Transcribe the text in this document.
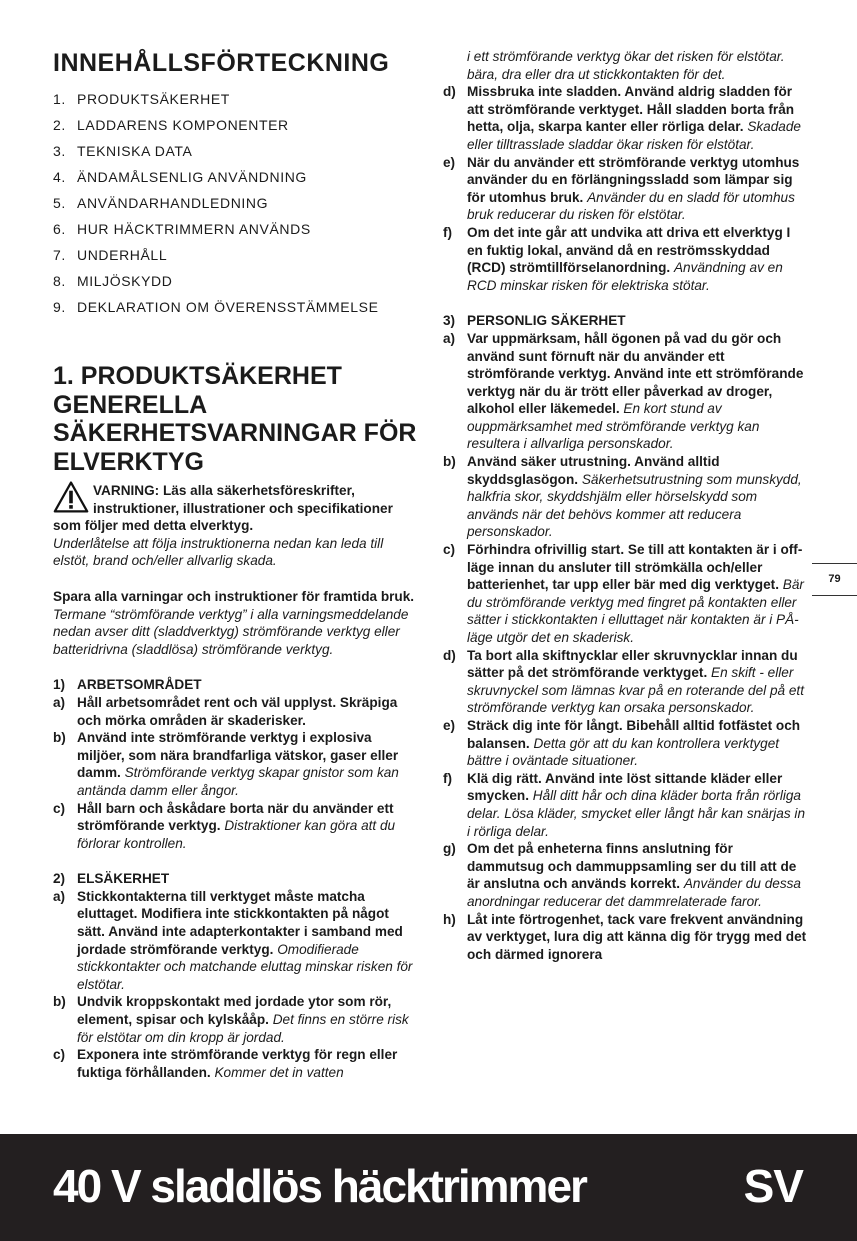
INNEHÅLLSFÖRTECKNING
1. PRODUKTSÄKERHET
2. LADDARENS KOMPONENTER
3. TEKNISKA DATA
4. ÄNDAMÅLSENLIG ANVÄNDNING
5. ANVÄNDARHANDLEDNING
6. HUR HÄCKTRIMMERN ANVÄNDS
7. UNDERHÅLL
8. MILJÖSKYDD
9. DEKLARATION OM ÖVERENSSTÄMMELSE
1. PRODUKTSÄKERHET GENERELLA SÄKERHETSVARNINGAR FÖR ELVERKTYG
VARNING: Läs alla säkerhetsföreskrifter, instruktioner, illustrationer och specifikationer som följer med detta elverktyg.

Underlåtelse att följa instruktionerna nedan kan leda till elstöt, brand och/eller allvarlig skada.

Spara alla varningar och instruktioner för framtida bruk.

Termane “strömförande verktyg” i alla varningsmeddelande nedan avser ditt (sladdverktyg) strömförande verktyg eller batteridrivna (sladdlösa) strömförande verktyg.

1) ARBETSOMRÅDET
a) Håll arbetsområdet rent och väl upplyst. Skräpiga och mörka områden är skaderisker.
b) Använd inte strömförande verktyg i explosiva miljöer, som nära brandfarliga vätskor, gaser eller damm. Strömförande verktyg skapar gnistor som kan antända damm eller ångor.
c) Håll barn och åskådare borta när du använder ett strömförande verktyg. Distraktioner kan göra att du förlorar kontrollen.
2) ELSÄKERHET
a) Stickkontakterna till verktyget måste matcha eluttaget. Modifiera inte stickkontakten på något sätt. Använd inte adapterkontakter i samband med jordade strömförande verktyg. Omodifierade stickkontakter och matchande eluttag minskar risken för elstötar.
b) Undvik kroppskontakt med jordade ytor som rör, element, spisar och kylskååp. Det finns en större risk för elstötar om din kropp är jordad.
c) Exponera inte strömförande verktyg för regn eller fuktiga förhållanden. Kommer det in vatten
i ett strömförande verktyg ökar det risken för elstötar. bära, dra eller dra ut stickkontakten för det.
d) Missbruka inte sladden. Använd aldrig sladden för att strömförande verktyget. Håll sladden borta från hetta, olja, skarpa kanter eller rörliga delar. Skadade eller tilltrasslade sladdar ökar risken för elstötar.
e) När du använder ett strömförande verktyg utomhus använder du en förlängningssladd som lämpar sig för utomhus bruk. Använder du en sladd för utomhus bruk reducerar du risken för elstötar.
f)	Om det inte går att undvika att driva ett elverktyg I en fuktig lokal, använd då en reströmsskyddad (RCD) strömtillförselanordning. Användning av en RCD minskar risken för elektriska stötar.
3) PERSONLIG SÄKERHET
a) Var uppmärksam, håll ögonen på vad du gör och använd sunt förnuft när du använder ett strömförande verktyg. Använd inte ett strömförande verktyg när du är trött eller påverkad av droger, alkohol eller läkemedel. En kort stund av ouppmärksamhet med strömförande verktyg kan resultera i allvarliga personskador.
b) Använd säker utrustning. Använd alltid skyddsglasögon. Säkerhetsutrustning som munskydd, halkfria skor, skyddshjälm eller hörselskydd som används när det behövs kommer att reducera personskador.
c) Förhindra ofrivillig start. Se till att kontakten är i off-läge innan du ansluter till strömkälla och/eller batterienhet, tar upp eller bär med dig verktyget. Bär du strömförande verktyg med fingret på kontakten eller sätter i stickkontakten i elluttaget när kontakten är i PÅ-läge utgör det en skaderisk.
d) Ta bort alla skiftnycklar eller skruvnycklar innan du sätter på det strömförande verktyget. En skift - eller skruvnyckel som lämnas kvar på en roterande del på ett strömförande verktyg kan orsaka personskador.
e) Sträck dig inte för långt. Bibehåll alltid fotfästet och balansen. Detta gör att du kan kontrollera verktyget bättre i oväntade situationer.
f)	Klä dig rätt. Använd inte löst sittande kläder eller smycken. Håll ditt hår och dina kläder borta från rörliga delar. Lösa kläder, smycket eller långt hår kan snärjas in i rörliga delar.
g) Om det på enheterna finns anslutning för dammutsug och dammuppsamling ser du till att de är anslutna och används korrekt. Använder du dessa anordningar reducerar det dammrelaterade faror.
h) Låt inte förtrogenhet, tack vare frekvent användning av verktyget, lura dig att känna dig för trygg med det och därmed ignorera
79
40 V sladdlös häcktrimmer	SV
